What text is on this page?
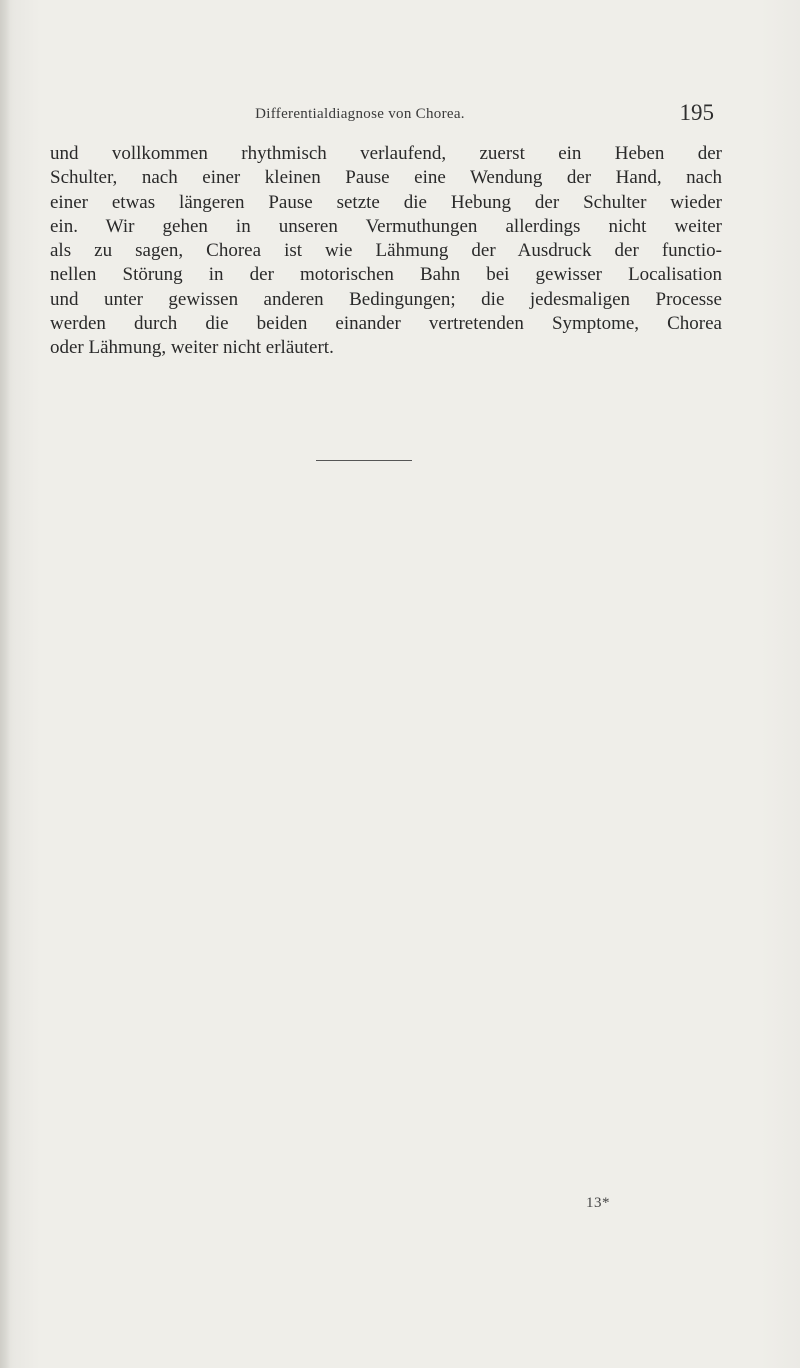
Differentialdiagnose von Chorea.	195

und vollkommen rhythmisch verlaufend, zuerst ein Heben der
Schulter, nach einer kleinen Pause eine Wendung der Hand, nach
einer etwas längeren Pause setzte die Hebung der Schulter wieder
ein. Wir gehen in unseren Vermuthungen allerdings nicht weiter
als zu sagen, Chorea ist wie Lähmung der Ausdruck der functio-
nellen Störung in der motorischen Bahn bei gewisser Localisation
und unter gewissen anderen Bedingungen; die jedesmaligen Processe
werden durch die beiden einander vertretenden Symptome, Chorea
oder Lähmung, weiter nicht erläutert.

13*
